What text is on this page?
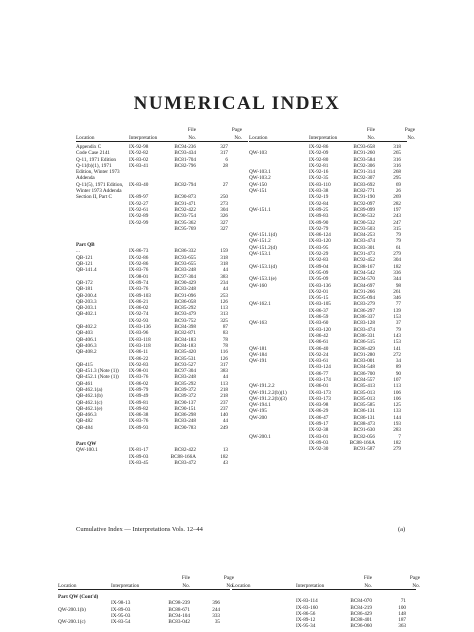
NUMERICAL INDEX
Location	Interpretation
File
No.
Page
No.
Appendix C	IX-92-98	BC94-236	327
Code Case 2141	IX-92-82	BC93-434	317
Q-11, 1971 Edition IX-83-02	BC81-704	6
Q-11(b)(1), 1971	IX-83-41	BC82-796	28
Edition, Winter 1973
Addenda
Q-11(5), 1971 Edition, IX-83-40	BC82-794	27
Winter 1973 Addenda
Section II, Part C	IX-89-97	BC90-873	250
IX-92-27	BC91-471	273
IX-92-61	BC92-422	304
IX-92-89	BC93-754	326
IX-92-99	BC95-362	327
BC95-769	327
Part QB
...	IX-86-73	BC86-332	159
QB-121	IX-92-86	BC93-655	318
QB-121	IX-92-86	BC93-655	318
QB-141.4	IX-83-76	BC83-248	44
IX-98-01	BC97-304	383
QB-172	IX-89-74	BC90-429	234
QB-181	IX-83-76	BC83-248	44
QB-200.4	IX-89-103	BC91-096	253
QB-203.3	IX-86-21	BC86-058	126
QB-203.1	IX-86-02	BC85-292	113
QB-402.1	IX-92-74	BC93-479	313
IX-92-93	BC93-752	325
QB-402.2	IX-83-136	BC84-398	87
QB-403	IX-83-96	BC82-871	83
QB-406.1	IX-83-118	BC84-183	78
QB-406.3	IX-83-118	BC84-183	78
QB-408.2	IX-86-11	BC85-420	116
IX-86-22	BC85-531	126
QB-415	IX-92-83	BC93-527	317
QB-451.3 (Note (1)) IX-98-01	BC97-304	383
QB-452.1 (Note (1)) IX-83-76	BC83-248	44
QB-461	IX-86-02	BC85-292	113
QB-462.1(a)	IX-89-79	BC89-372	218
QB-462.1(b)	IX-89-49	BC89-372	218
QB-462.1(c)	IX-89-81	BC90-137	237
QB-462.1(e)	IX-89-82	BC90-151	237
QB-466.3	IX-86-38	BC86-298	140
QB-482	IX-83-76	BC83-248	44
QB-484	IX-89-93	BC90-783	249
Part QW
QW-100.1	IX-81-17	BC82-422	13
IX-89-03	BC88-166A	182
IX-83-45	BC83-472	43
Location	Interpretation
File
No.
Page
No.
IX-92-86	BC93-658	318
QW-103	IX-92-09	BC91-260	265
IX-92-80	BC93-584	316
IX-92-81	BC92-306	316
QW-103.1	IX-92-16	BC91-314	268
QW-103.2	IX-92-35	BC92-307	295
QW-150	IX-83-110	BC83-692	69
QW-151	IX-83-38	BC82-771	26
IX-92-19	BC91-190	269
IX-92-84	BC92-097	282
QW-151.1	IX-89-25	BC89-099	197
IX-89-83	BC90-532	243
IX-89-90	BC90-532	247
IX-92-79	BC93-503	315
QW-151.1(d)	IX-86-124	BC84-253	79
QW-151.2	IX-83-120	BC83-474	79
QW-151.2(d)	IX-83-95	BC83-301	61
QW-153.1	IX-92-29	BC91-473	279
IX-92-83	BC92-452	304
QW-153.1(d)	IX-89-04	BC88-167	182
IX-95-09	BC94-542	336
QW-153.1(e)	IX-95-09	BC94-570	344
QW-160	IX-83-136	BC84-697	98
IX-92-01	BC91-266	261
IX-95-15	BC95-094	346
QW-162.1	IX-83-105	BC83-279	77
IX-86-37	BC86-297	139
IX-86-59	BC86-337	153
QW-163	IX-83-60	BC83-128	37
IX-83-120	BC83-474	79
IX-86-42	BC86-331	143
IX-86-61	BC86-515	153
QW-181	IX-86-40	BC86-429	141
QW-184	IX-92-24	BC91-280	272
QW-191	IX-83-61	BC83-001	34
IX-83-124	BC84-548	89
IX-86-77	BC86-700	90
IX-83-174	BC84-557	107
QW-191.2.2	IX-86-01	BC85-413	113
QW-191.2.2(b)(1)	IX-83-173	BC85-013	106
QW-191.2.2(b)(3)	IX-83-173	BC85-013	106
QW-194.1	IX-83-98	BC85-585	125
QW-195	IX-86-29	BC86-131	133
QW-200	IX-86-47	BC86-131	144
IX-89-17	BC88-473	193
IX-92-38	BC91-630	283
QW-200.1	IX-83-01	BC82-056	7
IX-89-03	BC88-166A	182
IX-92-30	BC91-587	279
Cumulative Index — Interpretations Vols. 12–44	(a)
Location	Interpretation
File
No.
Page
No.
Part QW (Cont'd)
IX-98-13	BC98-239	396
QW-200.1(b)	IX-89-03	BC88-671	244
IX-95-03	BC94-104	333
QW-200.1(c)	IX-83-54	BC83-042	35
Location	Interpretation
File
No.
Page
No.
IX-83-114	BC84-070	71
IX-83-160	BC84-219	100
IX-86-56	BC86-429	148
IX-89-12	BC88-401	187
IX-95-34	BC96-060	363
